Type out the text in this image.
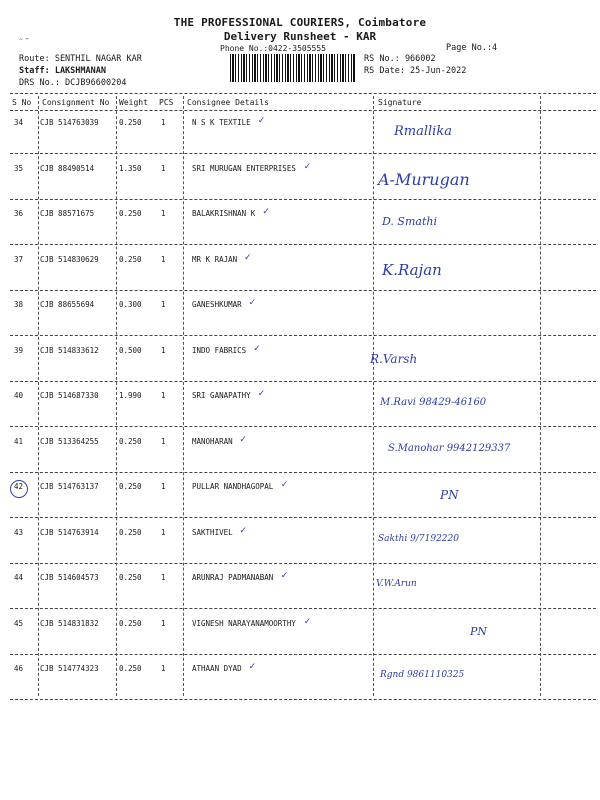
˜ˉ
THE PROFESSIONAL COURIERS, Coimbatore
Delivery Runsheet - KAR
Phone No.:0422-3505555	Page No.:4
Route: SENTHIL NAGAR KAR
Staff: LAKSHMANAN
DRS No.: DCJB96600204
RS No.: 966002
RS Date: 25-Jun-2022
S No Consignment No Weight PCS Consignee Details	Signature
34 CJB 514763039	0.250	1	N S K TEXTILE ✓
Rmallika
35 CJB 88490514	1.350	1	SRI MURUGAN ENTERPRISES ✓
A-Murugan
36 CJB 88571675	0.250	1	BALAKRISHNAN K ✓
D. Smathi
37 CJB 514830629	0.250	1	MR K RAJAN ✓
K.Rajan
38 CJB 88655694	0.300	1	GANESHKUMAR ✓
39 CJB 514833612	0.500	1	INDO FABRICS ✓
R.Varsh
40 CJB 514687330	1.990	1	SRI GANAPATHY ✓
M.Ravi 98429-46160
41 CJB 513364255	0.250	1	MANOHARAN ✓
S.Manohar 9942129337
42 CJB 514763137	0.250	1	PULLAR NANDHAGOPAL ✓
PN
43 CJB 514763914	0.250	1	SAKTHIVEL ✓
Sakthi 9/7192220
44 CJB 514604573	0.250	1	ARUNRAJ PADMANABAN ✓
V.W.Arun
45 CJB 514831832	0.250	1	VIGNESH NARAYANAMOORTHY ✓
PN
46 CJB 514774323	0.250	1	ATHAAN DYAD ✓
Rgnd 9861110325
